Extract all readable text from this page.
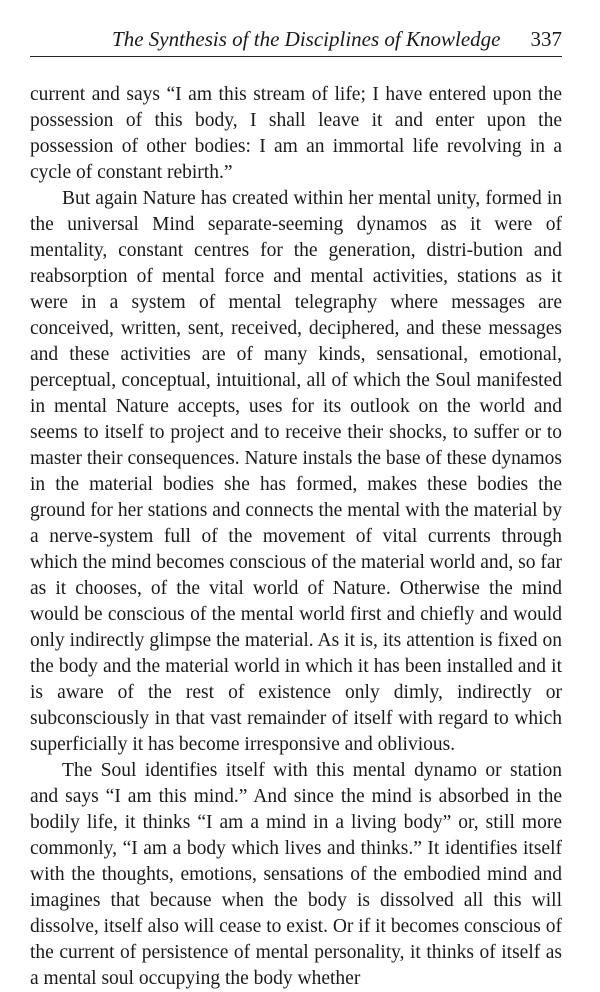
The Synthesis of the Disciplines of Knowledge 337

current and says “I am this stream of life; I have entered upon the possession of this body, I shall leave it and enter upon the possession of other bodies: I am an immortal life revolving in a cycle of constant rebirth.”

But again Nature has created within her mental unity, formed in the universal Mind separate-seeming dynamos as it were of mentality, constant centres for the generation, distri-bution and reabsorption of mental force and mental activities, stations as it were in a system of mental telegraphy where messages are conceived, written, sent, received, deciphered, and these messages and these activities are of many kinds, sensational, emotional, perceptual, conceptual, intuitional, all of which the Soul manifested in mental Nature accepts, uses for its outlook on the world and seems to itself to project and to receive their shocks, to suffer or to master their consequences. Nature instals the base of these dynamos in the material bodies she has formed, makes these bodies the ground for her stations and connects the mental with the material by a nerve-system full of the movement of vital currents through which the mind becomes conscious of the material world and, so far as it chooses, of the vital world of Nature. Otherwise the mind would be conscious of the mental world first and chiefly and would only indirectly glimpse the material. As it is, its attention is fixed on the body and the material world in which it has been installed and it is aware of the rest of existence only dimly, indirectly or subconsciously in that vast remainder of itself with regard to which superficially it has become irresponsive and oblivious.

The Soul identifies itself with this mental dynamo or station and says “I am this mind.” And since the mind is absorbed in the bodily life, it thinks “I am a mind in a living body” or, still more commonly, “I am a body which lives and thinks.” It identifies itself with the thoughts, emotions, sensations of the embodied mind and imagines that because when the body is dissolved all this will dissolve, itself also will cease to exist. Or if it becomes conscious of the current of persistence of mental personality, it thinks of itself as a mental soul occupying the body whether
